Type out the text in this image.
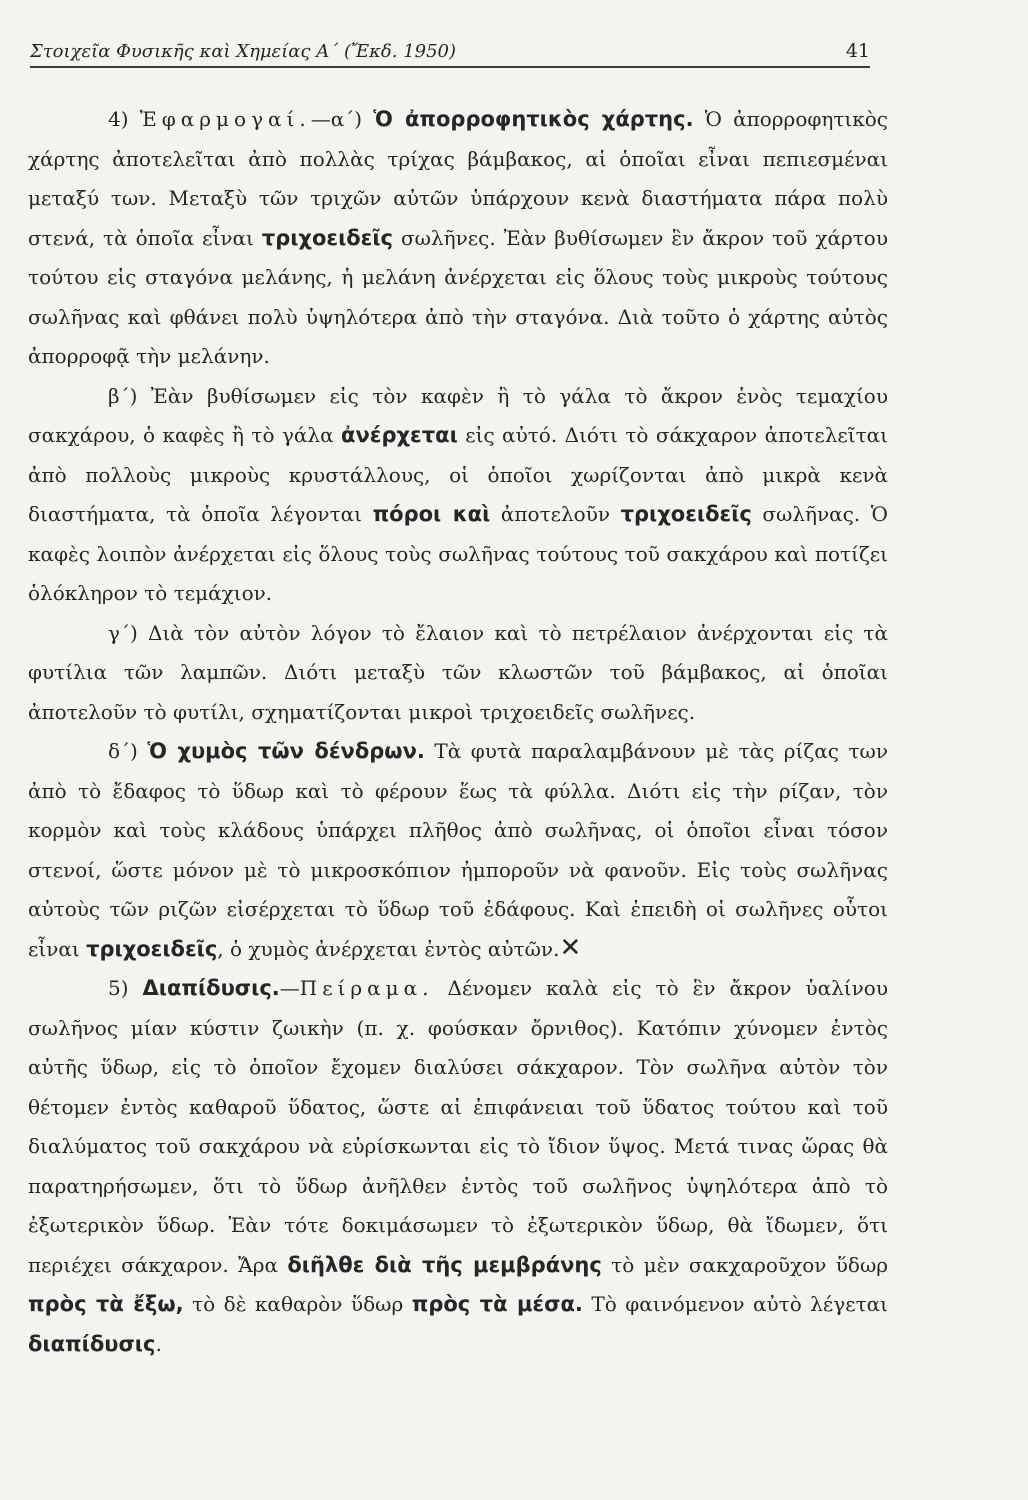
Στοιχεῖα Φυσικῆς καὶ Χημείας Α΄ (Ἔκδ. 1950)	41

4) Ἐφαρμογαί.—α΄) Ὁ ἀπορροφητικὸς χάρτης. Ὁ ἀπορροφητικὸς χάρτης ἀποτελεῖται ἀπὸ πολλὰς τρίχας βάμβακος, αἱ ὁποῖαι εἶναι πεπιεσμέναι μεταξύ των. Μεταξὺ τῶν τριχῶν αὐτῶν ὑπάρχουν κενὰ διαστήματα πάρα πολὺ στενά, τὰ ὁποῖα εἶναι τριχοειδεῖς σωλῆνες. Ἐὰν βυθίσωμεν ἓν ἄκρον τοῦ χάρτου τούτου εἰς σταγόνα μελάνης, ἡ μελάνη ἀνέρχεται εἰς ὅλους τοὺς μικροὺς τούτους σωλῆνας καὶ φθάνει πολὺ ὑψηλότερα ἀπὸ τὴν σταγόνα. Διὰ τοῦτο ὁ χάρτης αὐτὸς ἀπορροφᾷ τὴν μελάνην.

β΄) Ἐὰν βυθίσωμεν εἰς τὸν καφὲν ἢ τὸ γάλα τὸ ἄκρον ἑνὸς τεμαχίου σακχάρου, ὁ καφὲς ἢ τὸ γάλα ἀνέρχεται εἰς αὐτό. Διότι τὸ σάκχαρον ἀποτελεῖται ἀπὸ πολλοὺς μικροὺς κρυστάλλους, οἱ ὁποῖοι χωρίζονται ἀπὸ μικρὰ κενὰ διαστήματα, τὰ ὁποῖα λέγονται πόροι καὶ ἀποτελοῦν τριχοειδεῖς σωλῆνας. Ὁ καφὲς λοιπὸν ἀνέρχεται εἰς ὅλους τοὺς σωλῆνας τούτους τοῦ σακχάρου καὶ ποτίζει ὁλόκληρον τὸ τεμάχιον.

γ΄) Διὰ τὸν αὐτὸν λόγον τὸ ἔλαιον καὶ τὸ πετρέλαιον ἀνέρχονται εἰς τὰ φυτίλια τῶν λαμπῶν. Διότι μεταξὺ τῶν κλωστῶν τοῦ βάμβακος, αἱ ὁποῖαι ἀποτελοῦν τὸ φυτίλι, σχηματίζονται μικροὶ τριχοειδεῖς σωλῆνες.

δ΄) Ὁ χυμὸς τῶν δένδρων. Τὰ φυτὰ παραλαμβάνουν μὲ τὰς ρίζας των ἀπὸ τὸ ἔδαφος τὸ ὕδωρ καὶ τὸ φέρουν ἕως τὰ φύλλα. Διότι εἰς τὴν ρίζαν, τὸν κορμὸν καὶ τοὺς κλάδους ὑπάρχει πλῆθος ἀπὸ σωλῆνας, οἱ ὁποῖοι εἶναι τόσον στενοί, ὥστε μόνον μὲ τὸ μικροσκόπιον ἠμποροῦν νὰ φανοῦν. Εἰς τοὺς σωλῆνας αὐτοὺς τῶν ριζῶν εἰσέρχεται τὸ ὕδωρ τοῦ ἐδάφους. Καὶ ἐπειδὴ οἱ σωλῆνες οὗτοι εἶναι τριχοειδεῖς, ὁ χυμὸς ἀνέρχεται ἐντὸς αὐτῶν.✕

5) Διαπίδυσις.—Πείραμα. Δένομεν καλὰ εἰς τὸ ἓν ἄκρον ὑαλίνου σωλῆνος μίαν κύστιν ζωικὴν (π. χ. φούσκαν ὄρνιθος). Κατόπιν χύνομεν ἐντὸς αὐτῆς ὕδωρ, εἰς τὸ ὁποῖον ἔχομεν διαλύσει σάκχαρον. Τὸν σωλῆνα αὐτὸν τὸν θέτομεν ἐντὸς καθαροῦ ὕδατος, ὥστε αἱ ἐπιφάνειαι τοῦ ὕδατος τούτου καὶ τοῦ διαλύματος τοῦ σακχάρου νὰ εὑρίσκωνται εἰς τὸ ἴδιον ὕψος. Μετά τινας ὥρας θὰ παρατηρήσωμεν, ὅτι τὸ ὕδωρ ἀνῆλθεν ἐντὸς τοῦ σωλῆνος ὑψηλότερα ἀπὸ τὸ ἐξωτερικὸν ὕδωρ. Ἐὰν τότε δοκιμάσωμεν τὸ ἐξωτερικὸν ὕδωρ, θὰ ἴδωμεν, ὅτι περιέχει σάκχαρον. Ἄρα διῆλθε διὰ τῆς μεμβράνης τὸ μὲν σακχαροῦχον ὕδωρ πρὸς τὰ ἔξω, τὸ δὲ καθαρὸν ὕδωρ πρὸς τὰ μέσα. Τὸ φαινόμενον αὐτὸ λέγεται διαπίδυσις.
